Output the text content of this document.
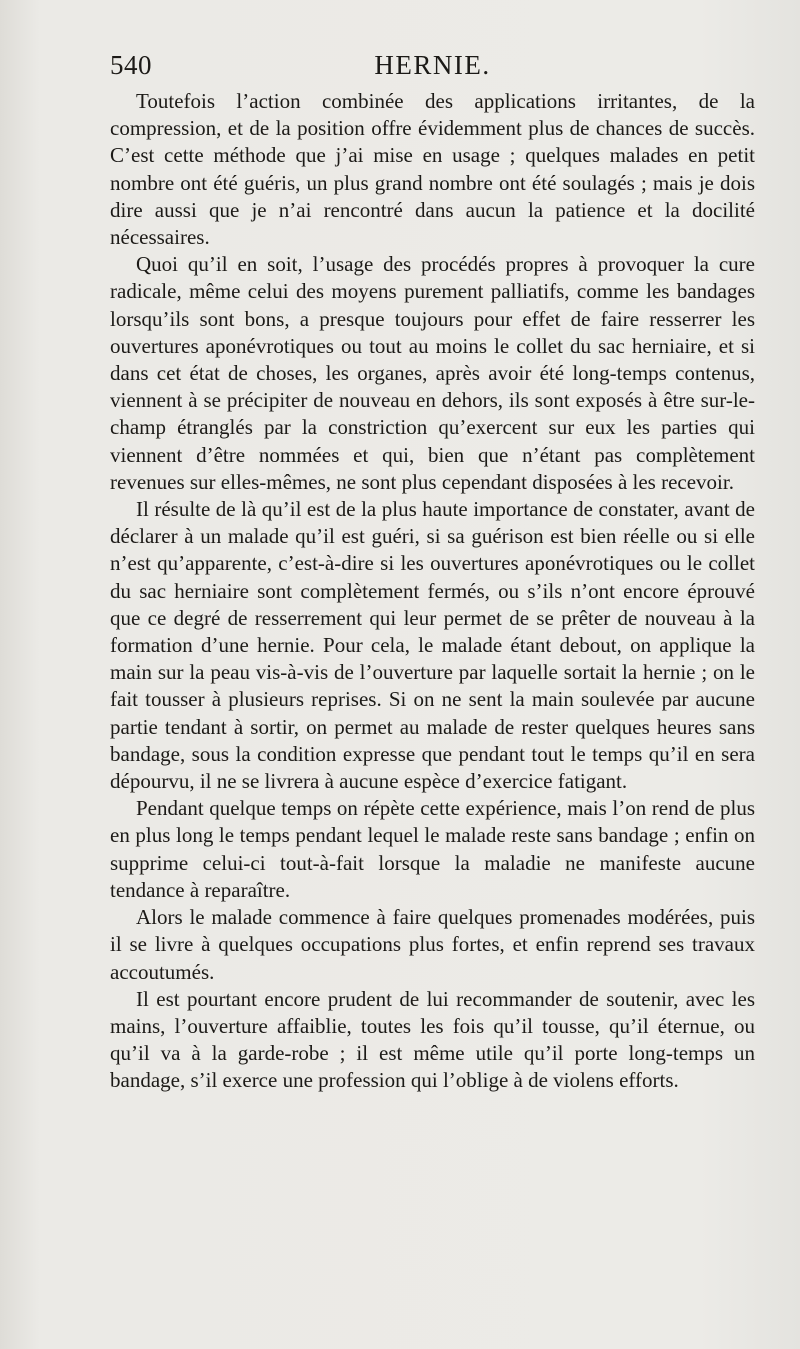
540	HERNIE.

Toutefois l’action combinée des applications irritantes, de la compression, et de la position offre évidemment plus de chances de succès. C’est cette méthode que j’ai mise en usage ; quelques malades en petit nombre ont été guéris, un plus grand nombre ont été soulagés ; mais je dois dire aussi que je n’ai rencontré dans aucun la patience et la docilité nécessaires.

Quoi qu’il en soit, l’usage des procédés propres à provoquer la cure radicale, même celui des moyens purement palliatifs, comme les bandages lorsqu’ils sont bons, a presque toujours pour effet de faire resserrer les ouvertures aponévrotiques ou tout au moins le collet du sac herniaire, et si dans cet état de choses, les organes, après avoir été long-temps contenus, viennent à se précipiter de nouveau en dehors, ils sont exposés à être sur-le-champ étranglés par la constriction qu’exercent sur eux les parties qui viennent d’être nommées et qui, bien que n’étant pas complètement revenues sur elles-mêmes, ne sont plus cependant disposées à les recevoir.

Il résulte de là qu’il est de la plus haute importance de constater, avant de déclarer à un malade qu’il est guéri, si sa guérison est bien réelle ou si elle n’est qu’apparente, c’est-à-dire si les ouvertures aponévrotiques ou le collet du sac herniaire sont complètement fermés, ou s’ils n’ont encore éprouvé que ce degré de resserrement qui leur permet de se prêter de nouveau à la formation d’une hernie. Pour cela, le malade étant debout, on applique la main sur la peau vis-à-vis de l’ouverture par laquelle sortait la hernie ; on le fait tousser à plusieurs reprises. Si on ne sent la main soulevée par aucune partie tendant à sortir, on permet au malade de rester quelques heures sans bandage, sous la condition expresse que pendant tout le temps qu’il en sera dépourvu, il ne se livrera à aucune espèce d’exercice fatigant.

Pendant quelque temps on répète cette expérience, mais l’on rend de plus en plus long le temps pendant lequel le malade reste sans bandage ; enfin on supprime celui-ci tout-à-fait lorsque la maladie ne manifeste aucune tendance à reparaître.

Alors le malade commence à faire quelques promenades modérées, puis il se livre à quelques occupations plus fortes, et enfin reprend ses travaux accoutumés.

Il est pourtant encore prudent de lui recommander de soutenir, avec les mains, l’ouverture affaiblie, toutes les fois qu’il tousse, qu’il éternue, ou qu’il va à la garde-robe ; il est même utile qu’il porte long-temps un bandage, s’il exerce une profession qui l’oblige à de violens efforts.
